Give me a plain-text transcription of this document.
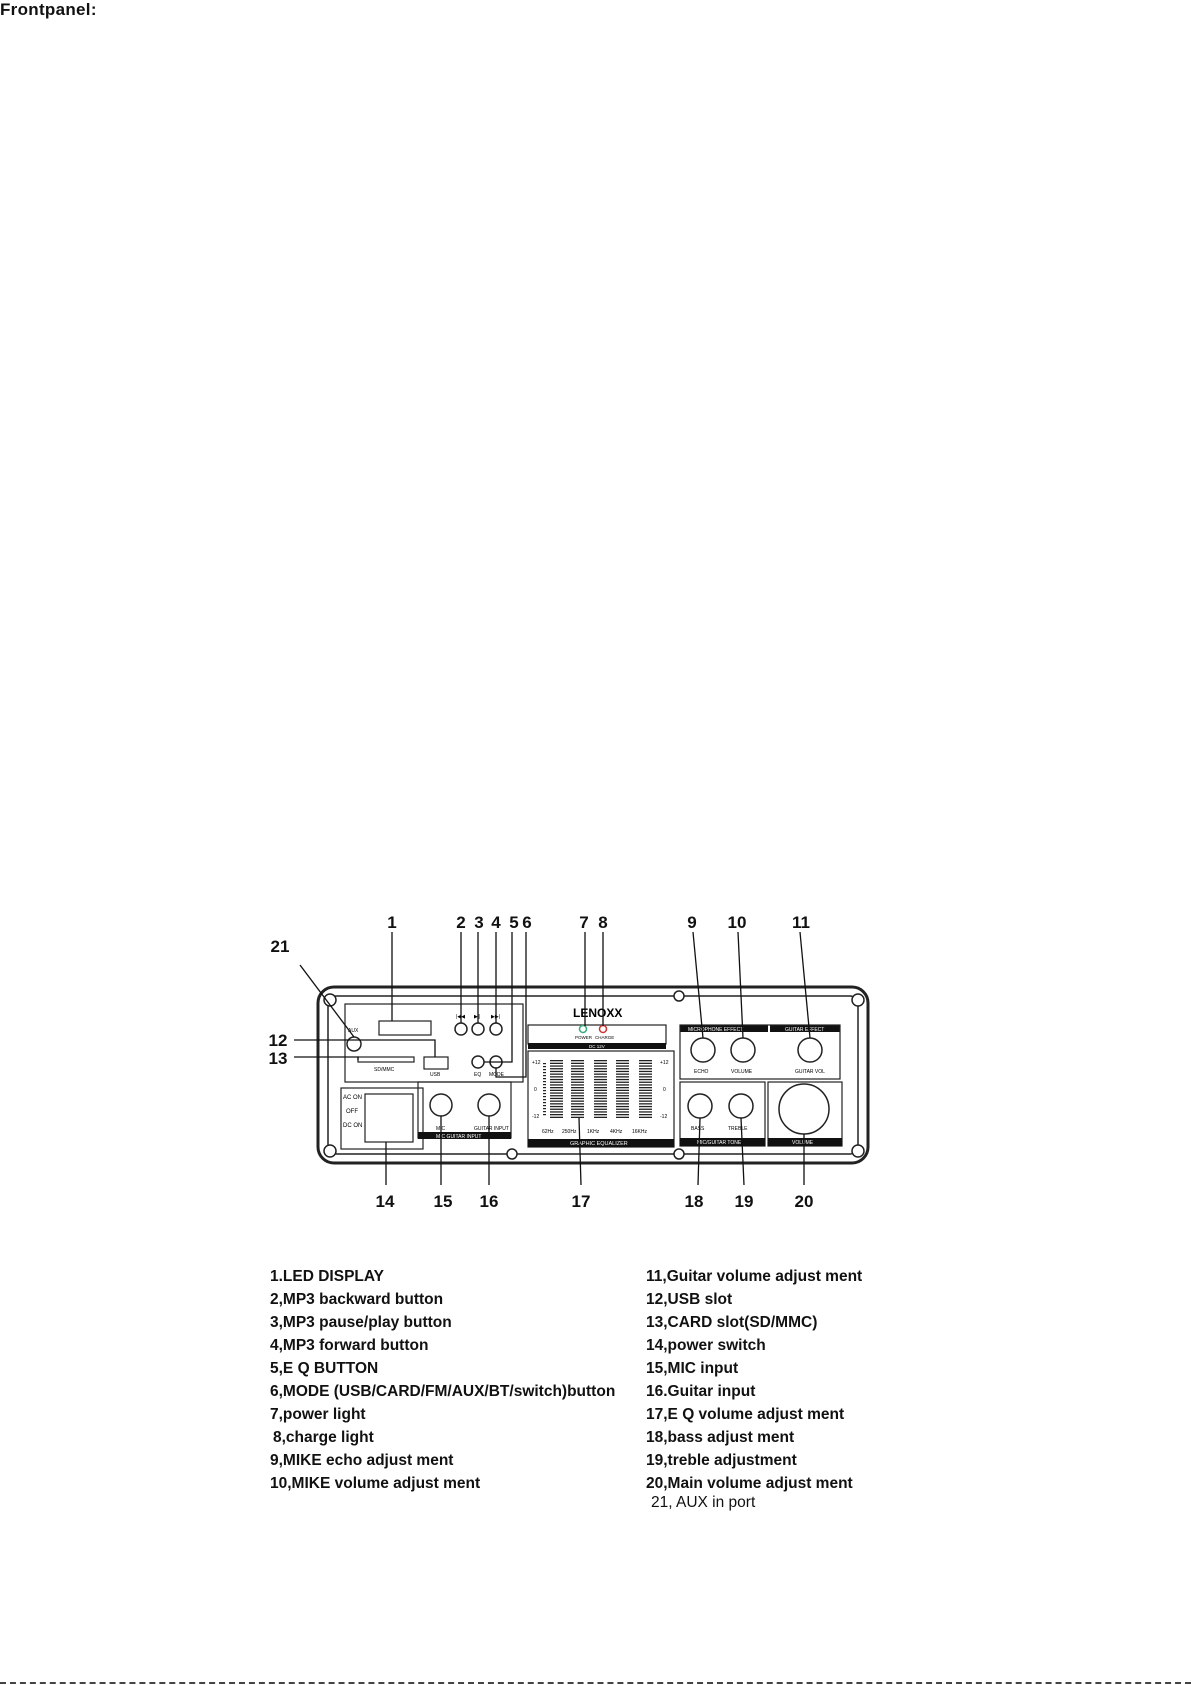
Frontpanel:
AUX
SD/MMC
USB
|◀◀ ▶|| ▶▶|
EQ MODE
AC ON
OFF
DC ON	MIC	GUITAR INPUT
MIC GUITAR INPUT
LENOXX
POWER CHARGE
DC 12V
+12
0
-12
+12
0
-12
62Hz 250Hz 1KHz 4KHz 16KHz
GRAPHIC EQUALIZER
MICROPHONE EFFECT	GUITAR EFFECT
ECHO	VOLUME	GUITAR VOL
BASS	TREBLE
MIC/GUITAR TONE	VOLUME
1	2 3 4 5 6	7 8	9 10	11
21
12
13
14 15 16	17	18 19 20
1.LED DISPLAY
2,MP3 backward button
3,MP3 pause/play button
4,MP3 forward button
5,E Q BUTTON
6,MODE (USB/CARD/FM/AUX/BT/switch)button
7,power light
8,charge light
9,MIKE echo adjust ment
10,MIKE volume adjust ment
11,Guitar volume adjust ment
12,USB slot
13,CARD slot(SD/MMC)
14,power switch
15,MIC input
16.Guitar input
17,E Q volume adjust ment
18,bass adjust ment
19,treble adjustment
20,Main volume adjust ment
21, AUX in port
